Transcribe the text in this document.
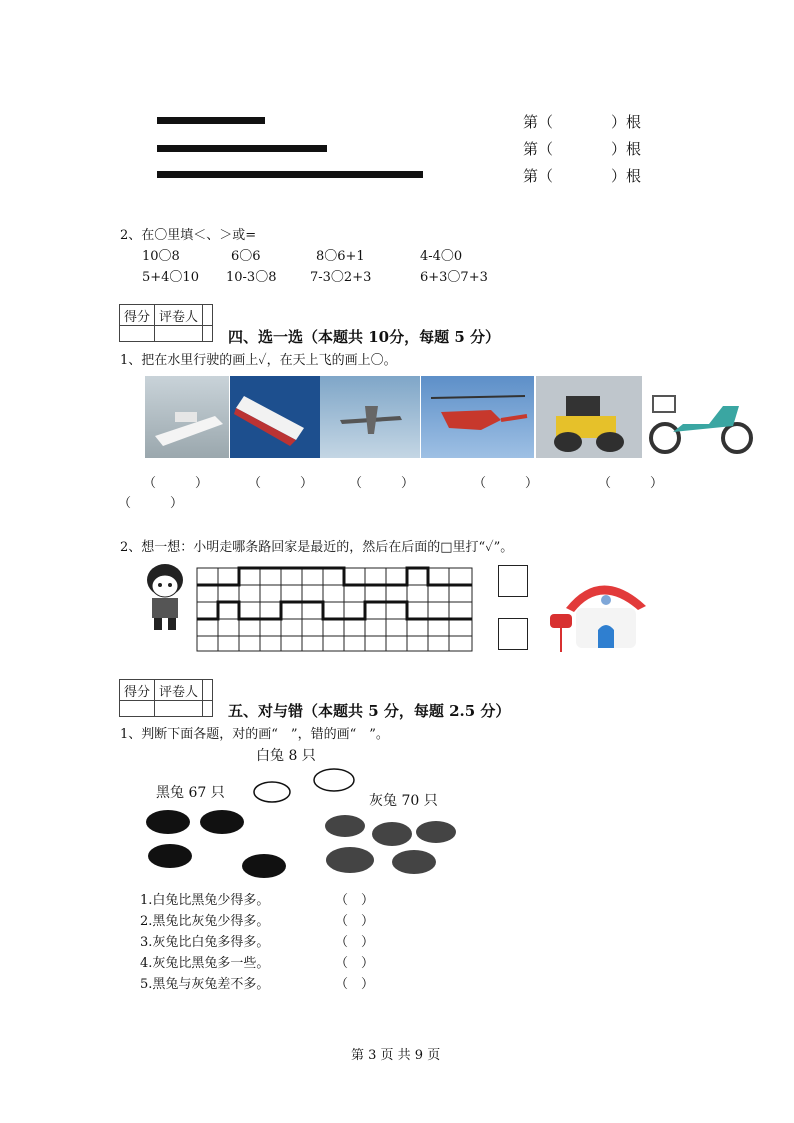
第（	）根
第（	）根
第（	）根
2、在〇里填＜、＞或=
10〇8	6〇6	8〇6+1	4-4〇0
5+4〇10 10-3〇8	7-3〇2+3	6+3〇7+3
得分 评卷人
四、选一选（本题共 10分，每题 5 分）
1、把在水里行驶的画上✓，在天上飞的画上〇。
（　　　）	（　　　）	（　　　）	（　　　）	（　　　）
（　　　）
2、想一想：小明走哪条路回家是最近的，然后在后面的□里打“✓”。
得分 评卷人
五、对与错（本题共 5 分，每题 2.5 分）
1、判断下面各题，对的画“　”，错的画“　”。
白兔 8 只
黑兔 67 只	灰兔 70 只
1.白兔比黑兔少得多。	（　）
2.黑兔比灰兔少得多。	（　）
3.灰兔比白兔多得多。	（　）
4.灰兔比黑兔多一些。	（　）
5.黑兔与灰兔差不多。	（　）
第 3 页 共 9 页
